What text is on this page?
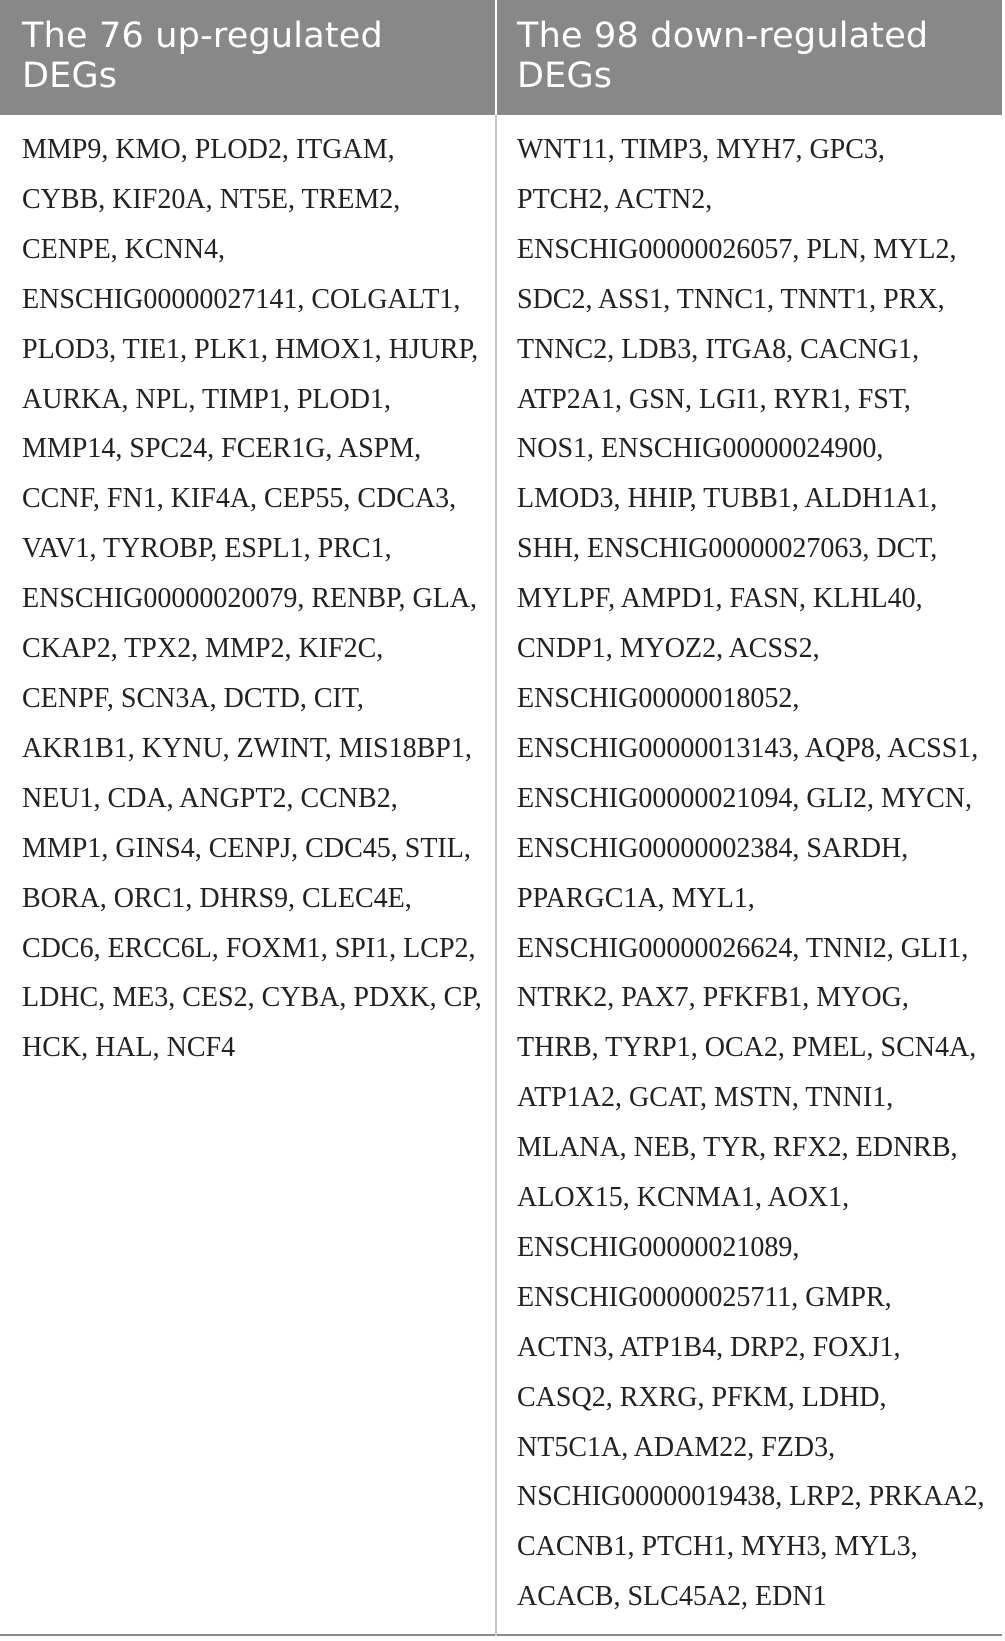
The 76 up-regulated DEGs
The 98 down-regulated DEGs
MMP9, KMO, PLOD2, ITGAM,
CYBB, KIF20A, NT5E, TREM2,
CENPE, KCNN4,
ENSCHIG00000027141, COLGALT1,
PLOD3, TIE1, PLK1, HMOX1, HJURP,
AURKA, NPL, TIMP1, PLOD1,
MMP14, SPC24, FCER1G, ASPM,
CCNF, FN1, KIF4A, CEP55, CDCA3,
VAV1, TYROBP, ESPL1, PRC1,
ENSCHIG00000020079, RENBP, GLA,
CKAP2, TPX2, MMP2, KIF2C,
CENPF, SCN3A, DCTD, CIT,
AKR1B1, KYNU, ZWINT, MIS18BP1,
NEU1, CDA, ANGPT2, CCNB2,
MMP1, GINS4, CENPJ, CDC45, STIL,
BORA, ORC1, DHRS9, CLEC4E,
CDC6, ERCC6L, FOXM1, SPI1, LCP2,
LDHC, ME3, CES2, CYBA, PDXK, CP,
HCK, HAL, NCF4
WNT11, TIMP3, MYH7, GPC3,
PTCH2, ACTN2,
ENSCHIG00000026057, PLN, MYL2,
SDC2, ASS1, TNNC1, TNNT1, PRX,
TNNC2, LDB3, ITGA8, CACNG1,
ATP2A1, GSN, LGI1, RYR1, FST,
NOS1, ENSCHIG00000024900,
LMOD3, HHIP, TUBB1, ALDH1A1,
SHH, ENSCHIG00000027063, DCT,
MYLPF, AMPD1, FASN, KLHL40,
CNDP1, MYOZ2, ACSS2,
ENSCHIG00000018052,
ENSCHIG00000013143, AQP8, ACSS1,
ENSCHIG00000021094, GLI2, MYCN,
ENSCHIG00000002384, SARDH,
PPARGC1A, MYL1,
ENSCHIG00000026624, TNNI2, GLI1,
NTRK2, PAX7, PFKFB1, MYOG,
THRB, TYRP1, OCA2, PMEL, SCN4A,
ATP1A2, GCAT, MSTN, TNNI1,
MLANA, NEB, TYR, RFX2, EDNRB,
ALOX15, KCNMA1, AOX1,
ENSCHIG00000021089,
ENSCHIG00000025711, GMPR,
ACTN3, ATP1B4, DRP2, FOXJ1,
CASQ2, RXRG, PFKM, LDHD,
NT5C1A, ADAM22, FZD3,
NSCHIG00000019438, LRP2, PRKAA2,
CACNB1, PTCH1, MYH3, MYL3,
ACACB, SLC45A2, EDN1
